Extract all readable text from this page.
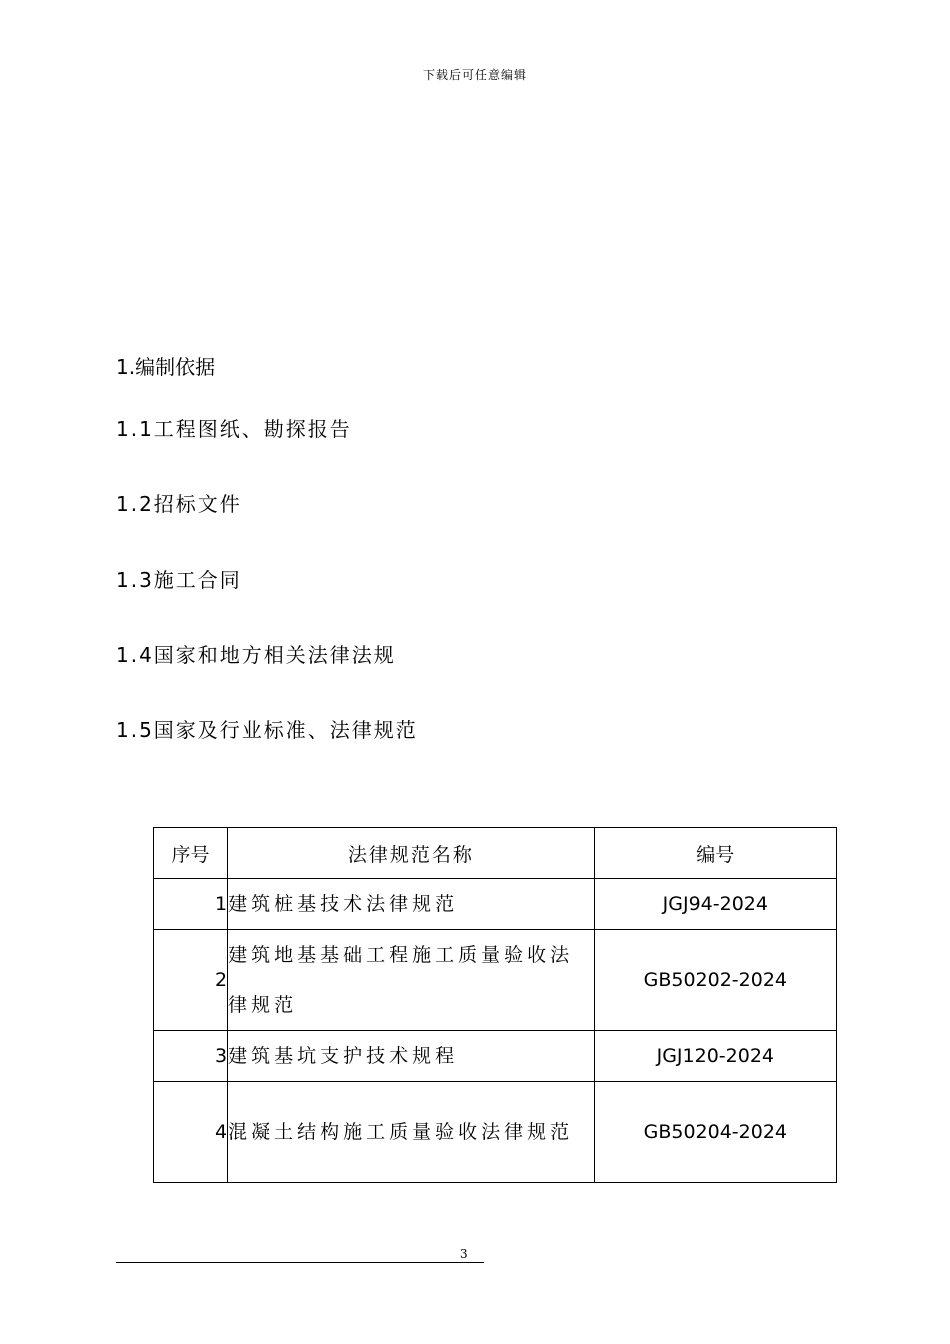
下载后可任意编辑
1.编制依据
1.1工程图纸、勘探报告
1.2招标文件
1.3施工合同
1.4国家和地方相关法律法规
1.5国家及行业标准、法律规范
序号	法律规范名称	编号
1	建筑桩基技术法律规范	JGJ94-2024
2	建筑地基基础工程施工质量验收法律规范	GB50202-2024
3	建筑基坑支护技术规程	JGJ120-2024
4	混凝土结构施工质量验收法律规范	GB50204-2024
3
